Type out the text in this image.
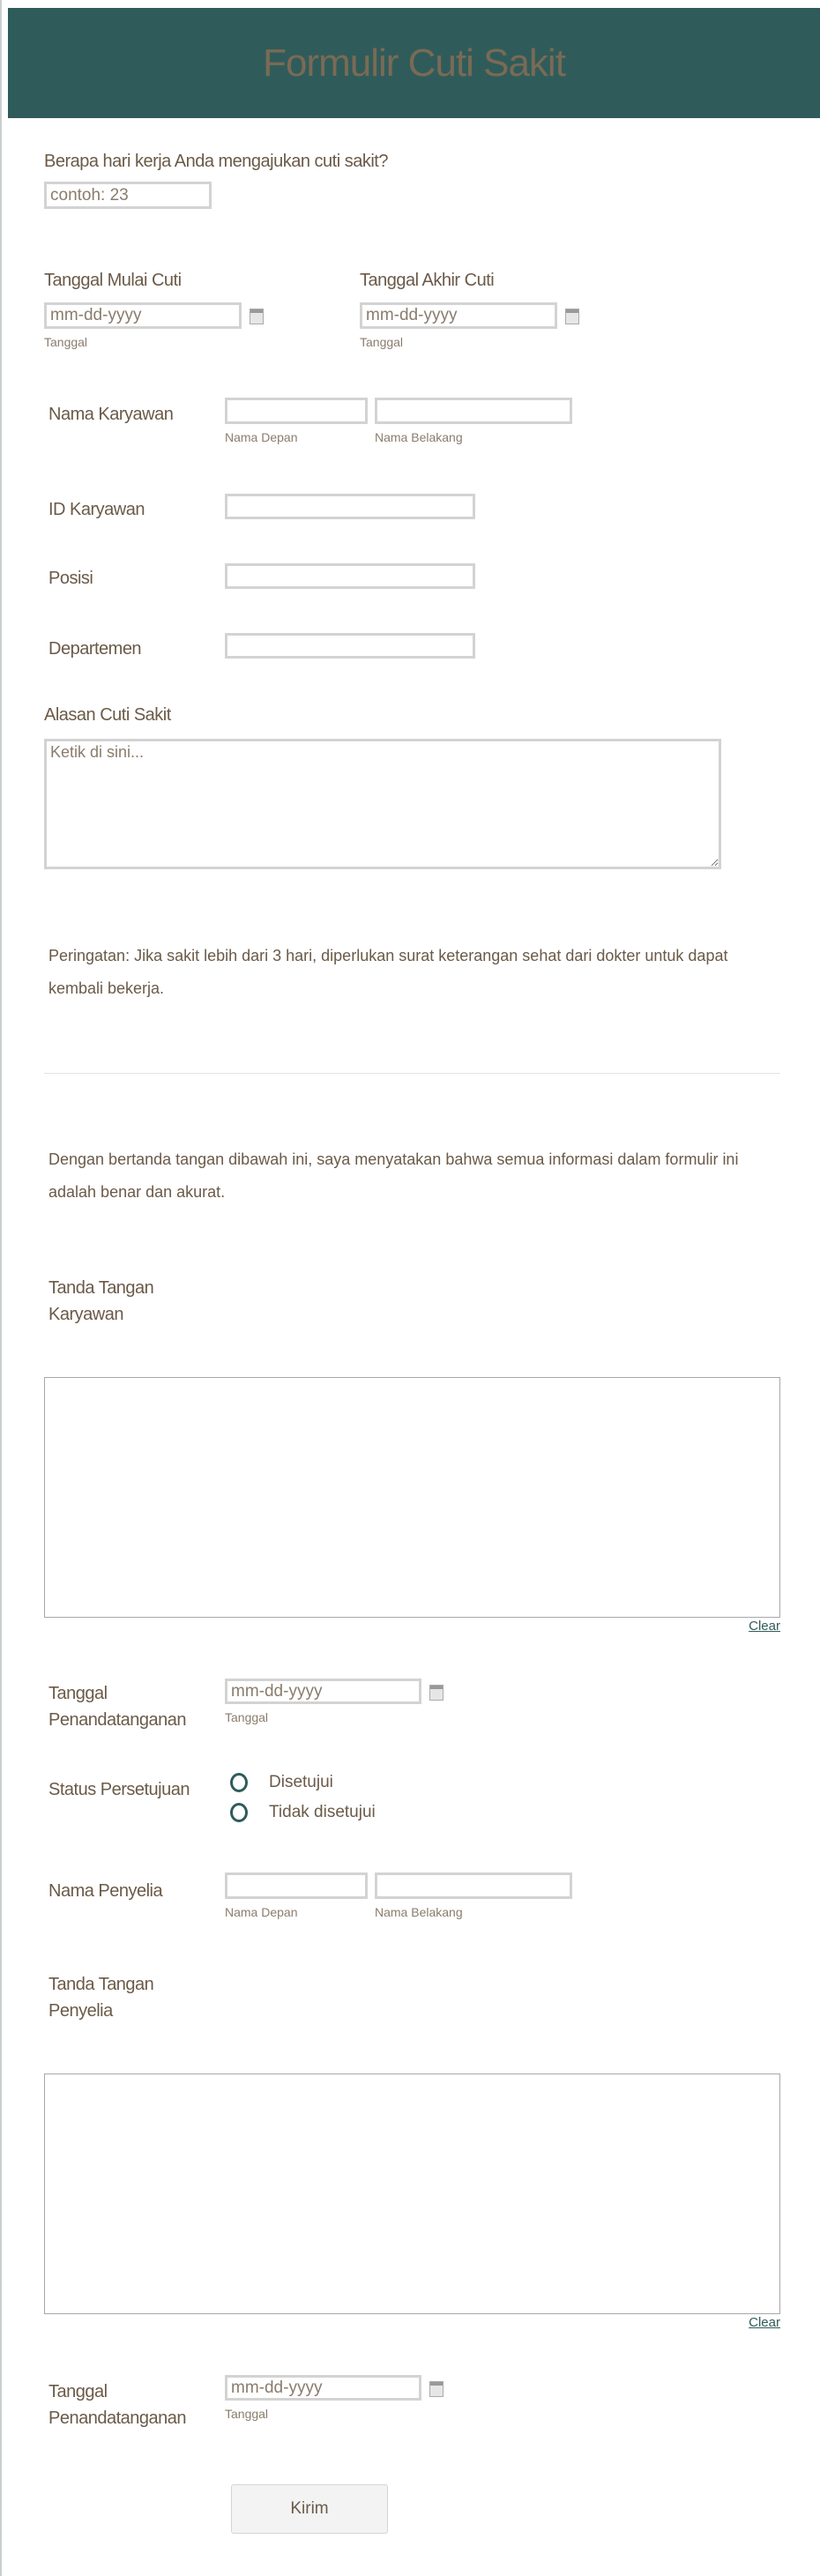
Formulir Cuti Sakit
Berapa hari kerja Anda mengajukan cuti sakit?
contoh: 23
Tanggal Mulai Cuti
mm-dd-yyyy
Tanggal
Tanggal Akhir Cuti
mm-dd-yyyy
Tanggal
Nama Karyawan
Nama Depan	Nama Belakang
ID Karyawan
Posisi
Departemen
Alasan Cuti Sakit
Ketik di sini...
Peringatan: Jika sakit lebih dari 3 hari, diperlukan surat keterangan sehat dari dokter untuk dapat kembali bekerja.
Dengan bertanda tangan dibawah ini, saya menyatakan bahwa semua informasi dalam formulir ini adalah benar dan akurat.
Tanda Tangan
Karyawan
Clear
Tanggal
Penandatanganan
mm-dd-yyyy	Tanggal
Status Persetujuan	Disetujui
Tidak disetujui
Nama Penyelia
Nama Depan	Nama Belakang
Tanda Tangan
Penyelia
Clear
Tanggal
Penandatanganan
mm-dd-yyyy	Tanggal
Kirim
